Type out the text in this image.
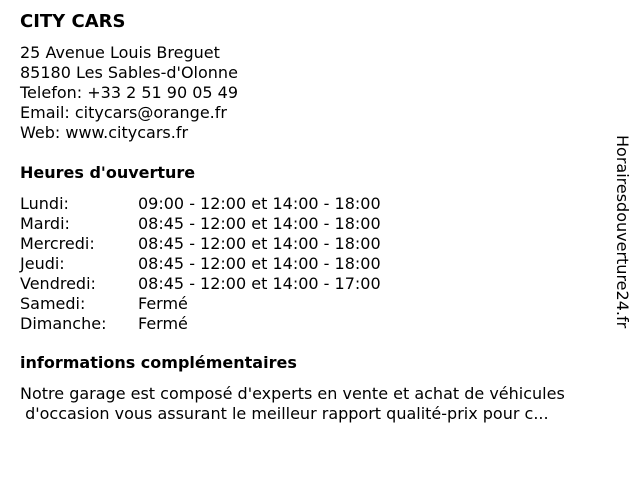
CITY CARS
25 Avenue Louis Breguet
85180 Les Sables-d'Olonne
Telefon: +33 2 51 90 05 49
Email: citycars@orange.fr
Web: www.citycars.fr
Heures d'ouverture
Lundi:	09:00 - 12:00 et 14:00 - 18:00
Mardi:	08:45 - 12:00 et 14:00 - 18:00
Mercredi:	08:45 - 12:00 et 14:00 - 18:00
Jeudi:	08:45 - 12:00 et 14:00 - 18:00
Vendredi:	08:45 - 12:00 et 14:00 - 17:00
Samedi:	Fermé
Dimanche: Fermé
informations complémentaires
Notre garage est composé d'experts en vente et achat de véhicules
d'occasion vous assurant le meilleur rapport qualité-prix pour c...
Horairesdouverture24.fr
